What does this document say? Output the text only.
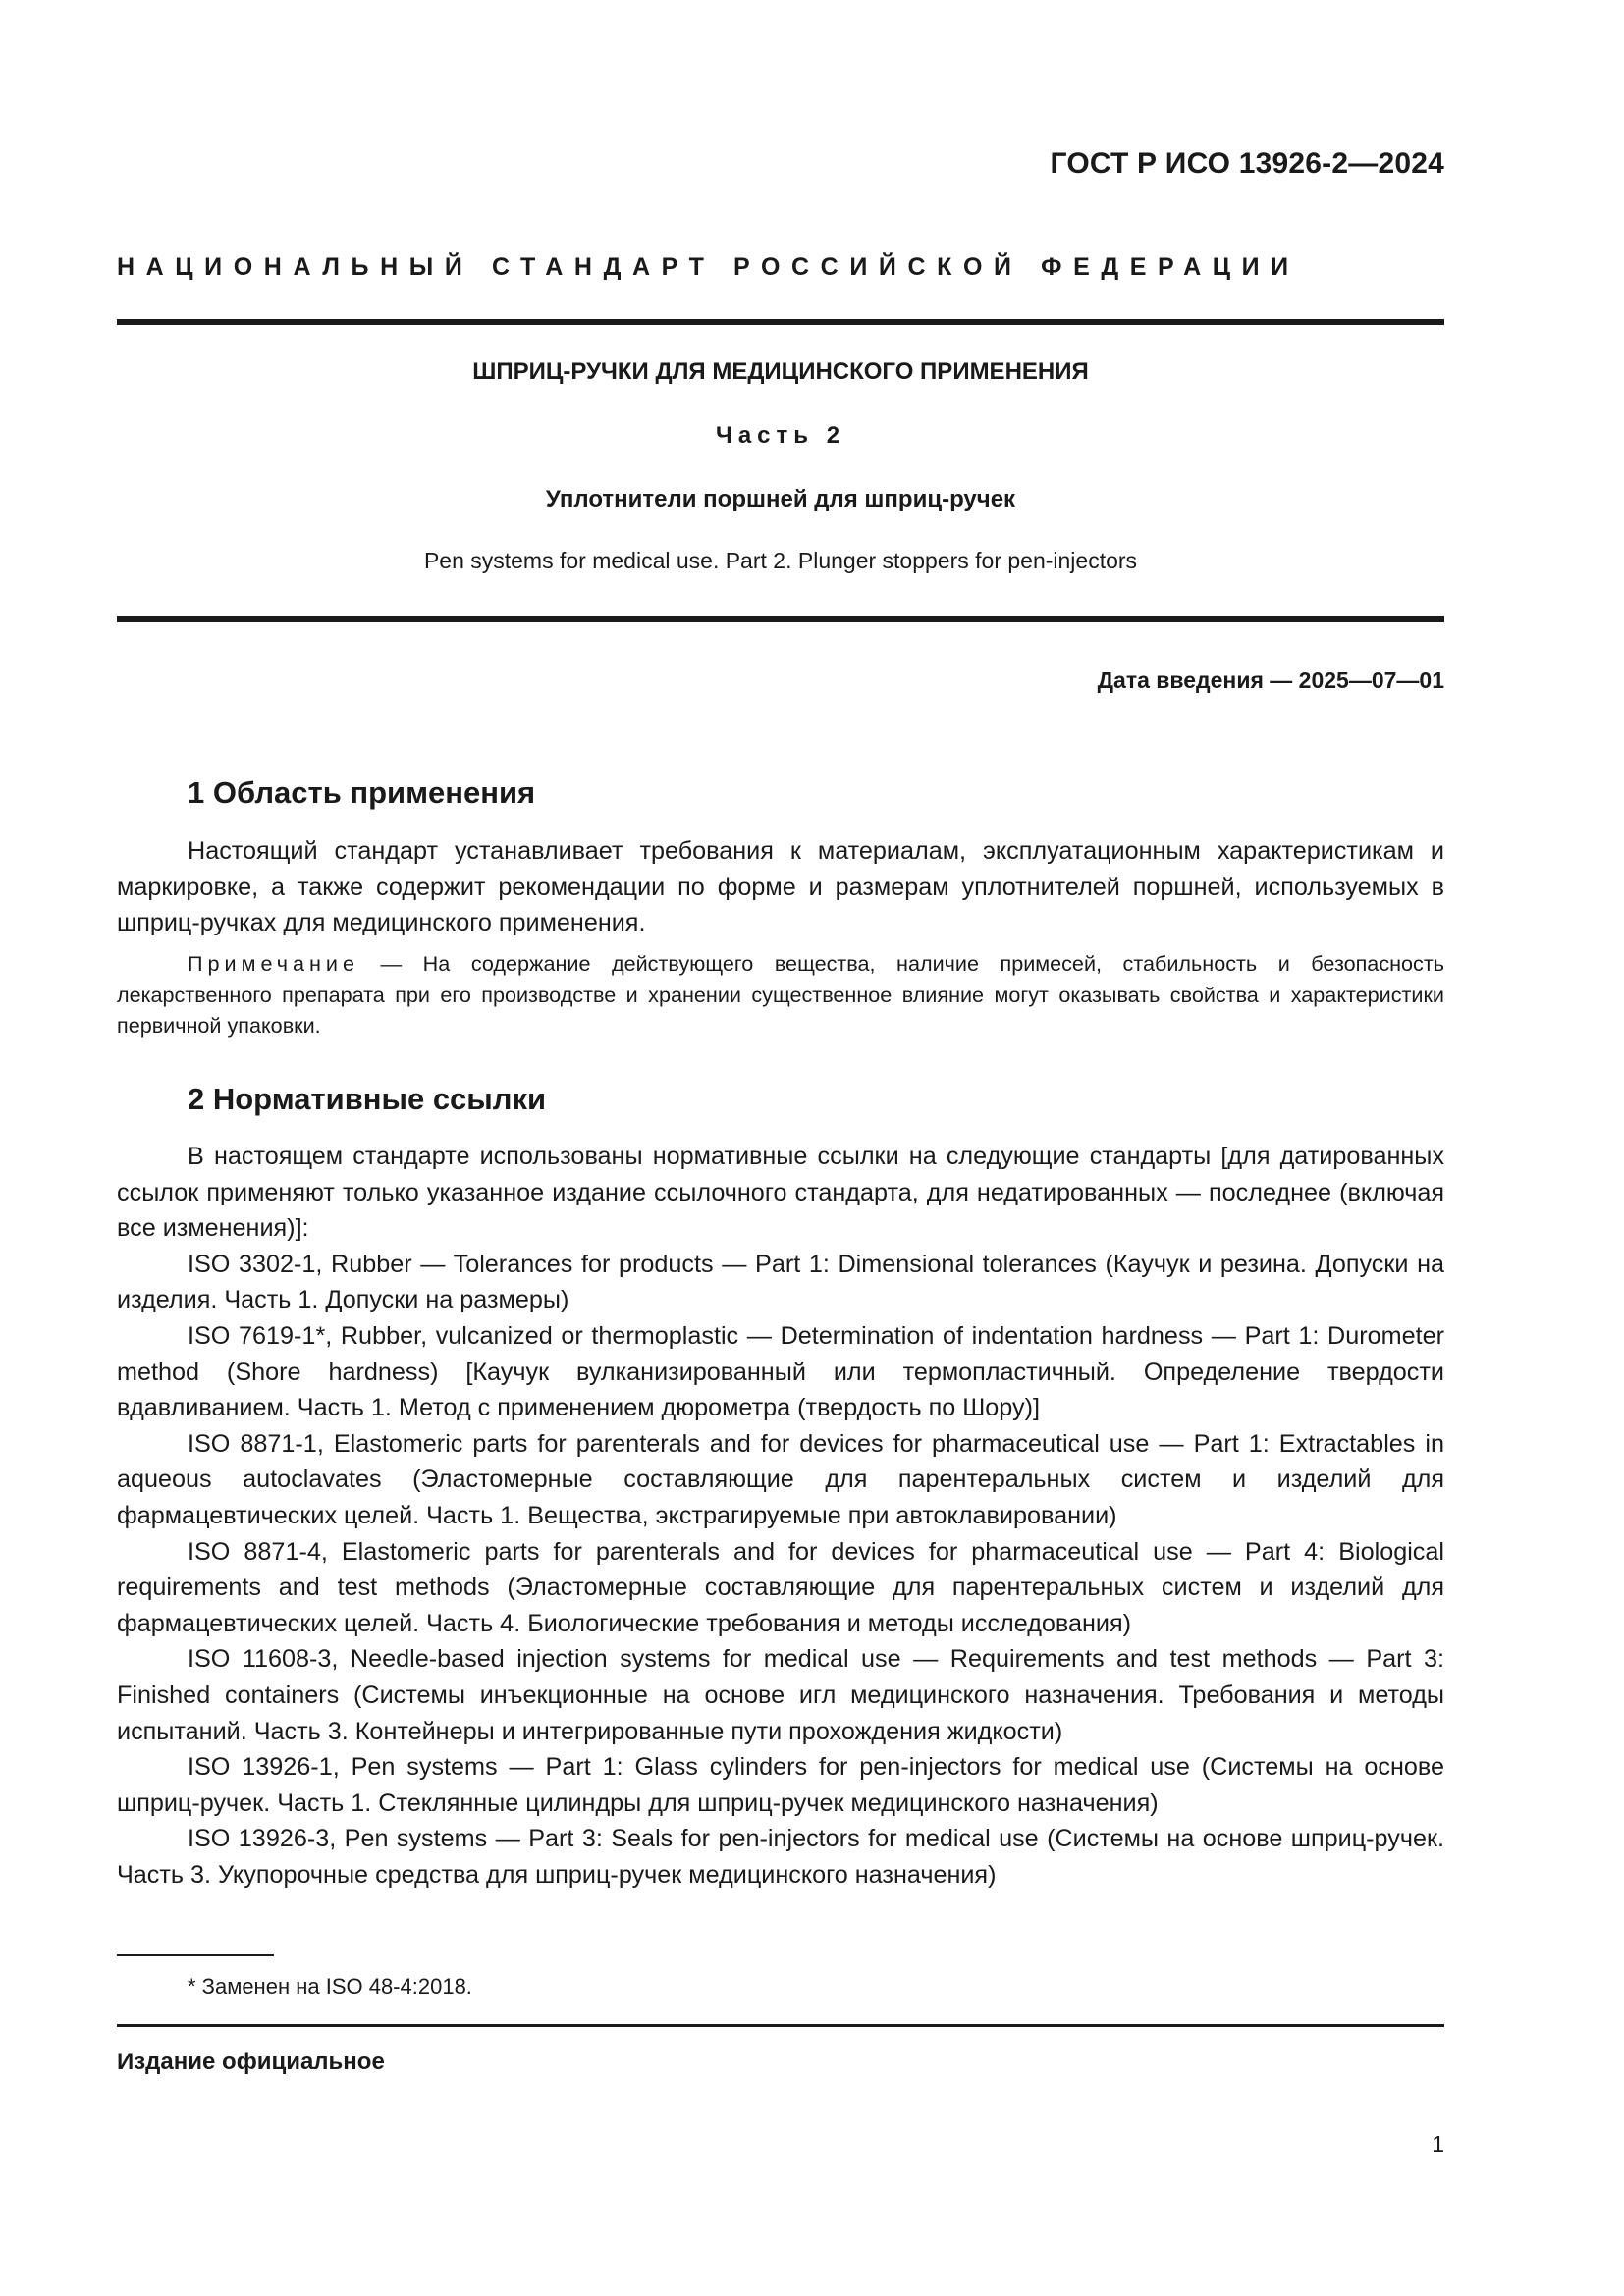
ГОСТ Р ИСО 13926-2—2024
НАЦИОНАЛЬНЫЙ СТАНДАРТ РОССИЙСКОЙ ФЕДЕРАЦИИ
ШПРИЦ-РУЧКИ ДЛЯ МЕДИЦИНСКОГО ПРИМЕНЕНИЯ
Часть 2
Уплотнители поршней для шприц-ручек
Pen systems for medical use. Part 2. Plunger stoppers for pen-injectors
Дата введения — 2025—07—01
1 Область применения

Настоящий стандарт устанавливает требования к материалам, эксплуатационным характеристикам и маркировке, а также содержит рекомендации по форме и размерам уплотнителей поршней, используемых в шприц-ручках для медицинского применения.

Примечание — На содержание действующего вещества, наличие примесей, стабильность и безопасность лекарственного препарата при его производстве и хранении существенное влияние могут оказывать свойства и характеристики первичной упаковки.

2 Нормативные ссылки

В настоящем стандарте использованы нормативные ссылки на следующие стандарты [для датированных ссылок применяют только указанное издание ссылочного стандарта, для недатированных — последнее (включая все изменения)]:

ISO 3302-1, Rubber — Tolerances for products — Part 1: Dimensional tolerances (Каучук и резина. Допуски на изделия. Часть 1. Допуски на размеры)

ISO 7619-1*, Rubber, vulcanized or thermoplastic — Determination of indentation hardness — Part 1: Durometer method (Shore hardness) [Каучук вулканизированный или термопластичный. Определение твердости вдавливанием. Часть 1. Метод с применением дюрометра (твердость по Шору)]

ISO 8871-1, Elastomeric parts for parenterals and for devices for pharmaceutical use — Part 1: Extractables in aqueous autoclavates (Эластомерные составляющие для парентеральных систем и изделий для фармацевтических целей. Часть 1. Вещества, экстрагируемые при автоклавировании)

ISO 8871-4, Elastomeric parts for parenterals and for devices for pharmaceutical use — Part 4: Biological requirements and test methods (Эластомерные составляющие для парентеральных систем и изделий для фармацевтических целей. Часть 4. Биологические требования и методы исследования)

ISO 11608-3, Needle-based injection systems for medical use — Requirements and test methods — Part 3: Finished containers (Системы инъекционные на основе игл медицинского назначения. Требования и методы испытаний. Часть 3. Контейнеры и интегрированные пути прохождения жидкости)

ISO 13926-1, Pen systems — Part 1: Glass cylinders for pen-injectors for medical use (Системы на основе шприц-ручек. Часть 1. Стеклянные цилиндры для шприц-ручек медицинского назначения)

ISO 13926-3, Pen systems — Part 3: Seals for pen-injectors for medical use (Системы на основе шприц-ручек. Часть 3. Укупорочные средства для шприц-ручек медицинского назначения)

* Заменен на ISO 48-4:2018.
Издание официальное
1
